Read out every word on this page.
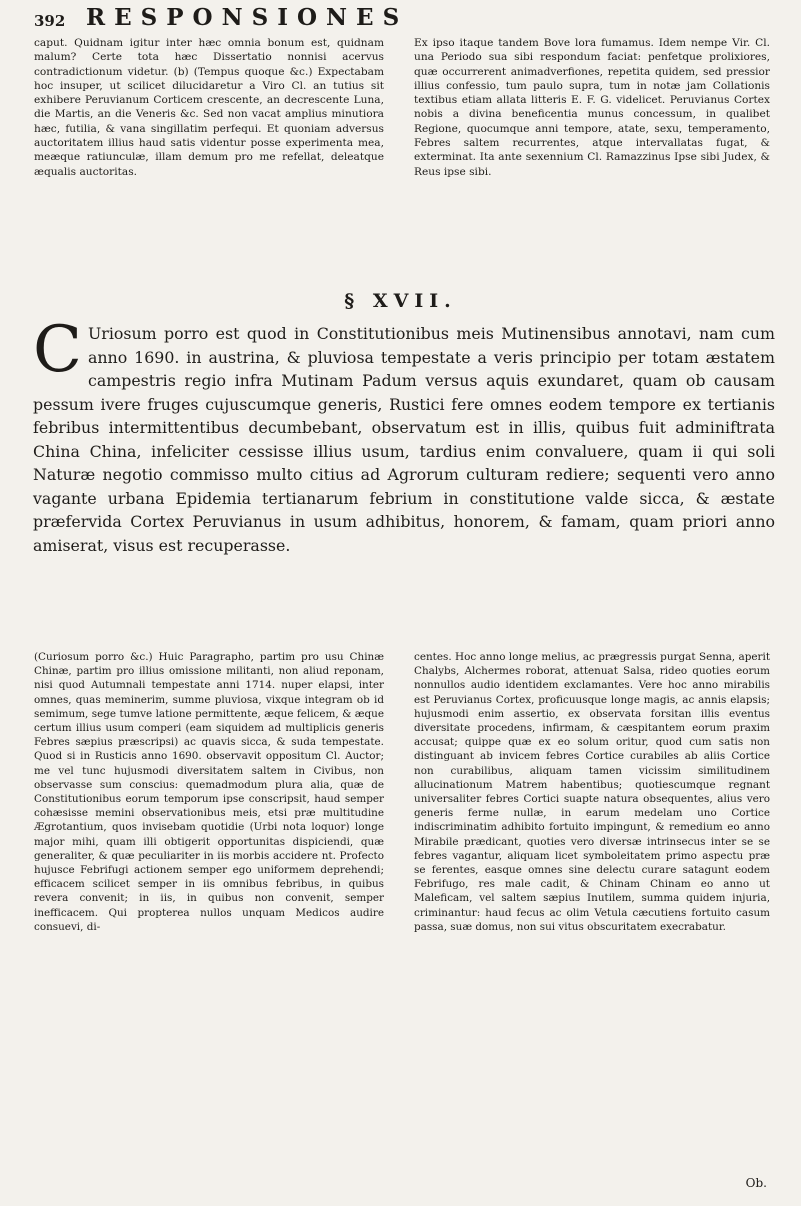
392 RESPONSIONES

caput. Quidnam igitur inter hæc omnia bonum est, quidnam malum? Certe tota hæc Dissertatio nonnisi acervus contradictionum videtur. (b) (Tempus quoque &c.) Expectabam hoc insuper, ut scilicet dilucidaretur a Viro Cl. an tutius sit exhibere Peruvianum Corticem crescente, an decrescente Luna, die Martis, an die Veneris &c. Sed non vacat amplius minutiora hæc, futilia, & vana singillatim perfequi. Et quoniam adversus auctoritatem illius haud satis videntur posse experimenta mea, meæque ratiunculæ, illam demum pro me refellat, deleatque æqualis auctoritas.

Ex ipso itaque tandem Bove lora fumamus. Idem nempe Vir. Cl. una Periodo sua sibi respondum faciat: penfetque prolixiores, quæ occurrerent animadverfiones, repetita quidem, sed pressior illius confessio, tum paulo supra, tum in notæ jam Collationis textibus etiam allata litteris E. F. G. videlicet. Peruvianus Cortex nobis a divina beneficentia munus concessum, in qualibet Regione, quocumque anni tempore, atate, sexu, temperamento, Febres saltem recurrentes, atque intervallatas fugat, & exterminat. Ita ante sexennium Cl. Ramazzinus Ipse sibi Judex, & Reus ipse sibi.

§ XVII.
C Uriosum porro est quod in Constitutionibus meis Mutinensibus annotavi, nam cum anno 1690. in austrina, & pluviosa tempestate a veris principio per totam æstatem campestris regio infra Mutinam Padum versus aquis exundaret, quam ob causam pessum ivere fruges cujuscumque generis, Rustici fere omnes eodem tempore ex tertianis febribus intermittentibus decumbebant, observatum est in illis, quibus fuit adminiftrata China China, infeliciter cessisse illius usum, tardius enim convaluere, quam ii qui soli Naturæ negotio commisso multo citius ad Agrorum culturam rediere; sequenti vero anno vagante urbana Epidemia tertianarum febrium in constitutione valde sicca, & æstate præfervida Cortex Peruvianus in usum adhibitus, honorem, & famam, quam priori anno amiserat, visus est recuperasse.

(Curiosum porro &c.) Huic Paragrapho, partim pro usu Chinæ Chinæ, partim pro illius omissione militanti, non aliud reponam, nisi quod Autumnali tempestate anni 1714. nuper elapsi, inter omnes, quas meminerim, summe pluviosa, vixque integram ob id semimum, sege tumve latione permittente, æque felicem, & æque certum illius usum comperi (eam siquidem ad multiplicis generis Febres sæpius præscripsi) ac quavis sicca, & suda tempestate. Quod si in Rusticis anno 1690. observavit oppositum Cl. Auctor; me vel tunc hujusmodi diversitatem saltem in Civibus, non observasse sum conscius: quemadmodum plura alia, quæ de Constitutionibus eorum temporum ipse conscripsit, haud semper cohæsisse memini observationibus meis, etsi præ multitudine Ægrotantium, quos invisebam quotidie (Urbi nota loquor) longe major mihi, quam illi obtigerit opportunitas dispiciendi, quæ generaliter, & quæ peculiariter in iis morbis accidere nt. Profecto hujusce Febrifugi actionem semper ego uniformem deprehendi; efficacem scilicet semper in iis omnibus febribus, in quibus revera convenit; in iis, in quibus non convenit, semper inefficacem. Qui propterea nullos unquam Medicos audire consuevi, di-

centes. Hoc anno longe melius, ac prægressis purgat Senna, aperit Chalybs, Alchermes roborat, attenuat Salsa, rideo quoties eorum nonnullos audio identidem exclamantes. Vere hoc anno mirabilis est Peruvianus Cortex, proficuusque longe magis, ac annis elapsis; hujusmodi enim assertio, ex observata forsitan illis eventus diversitate procedens, infirmam, & cæspitantem eorum praxim accusat; quippe quæ ex eo solum oritur, quod cum satis non distinguant ab invicem febres Cortice curabiles ab aliis Cortice non curabilibus, aliquam tamen vicissim similitudinem allucinationum Matrem habentibus; quotiescumque regnant universaliter febres Cortici suapte natura obsequentes, alius vero generis ferme nullæ, in earum medelam uno Cortice indiscriminatim adhibito fortuito impingunt, & remedium eo anno Mirabile prædicant, quoties vero diversæ intrinsecus inter se se febres vagantur, aliquam licet symboleitatem primo aspectu præ se ferentes, easque omnes sine delectu curare satagunt eodem Febrifugo, res male cadit, & Chinam Chinam eo anno ut Maleficam, vel saltem sæpius Inutilem, summa quidem injuria, criminantur: haud fecus ac olim Vetula cæcutiens fortuito casum passa, suæ domus, non sui vitus obscuritatem execrabatur.

Ob.
